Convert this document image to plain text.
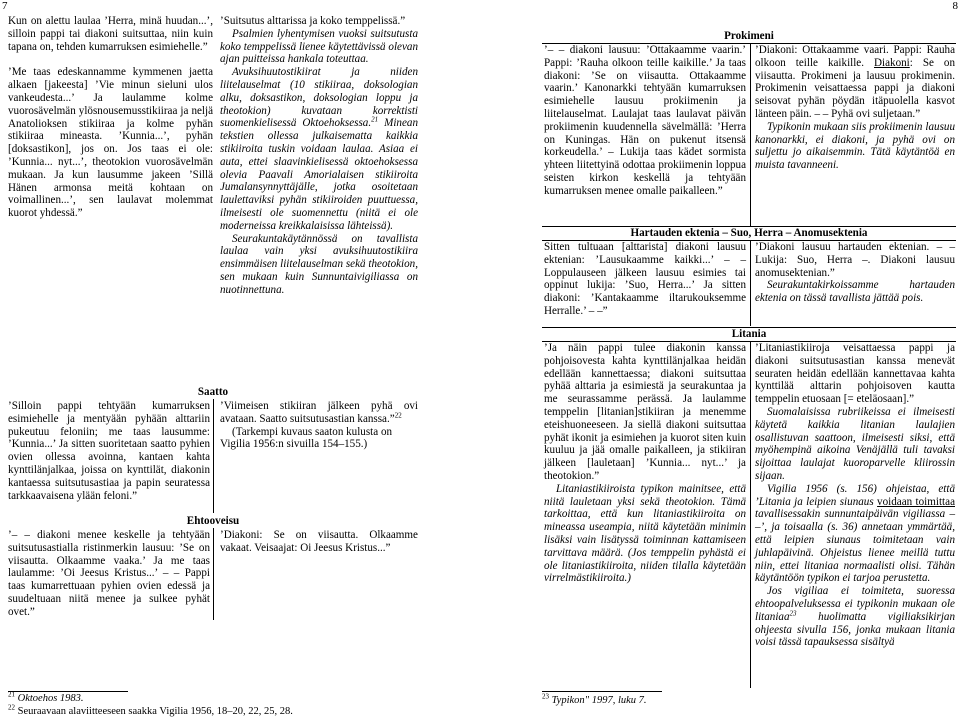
7

Kun on alettu laulaa ’Herra, minä huudan...’, silloin pappi tai diakoni suitsuttaa, niin kuin tapana on, tehden kumarruksen esimiehelle.”

’Me taas edeskannamme kymmenen jaetta alkaen [jakeesta] ’Vie minun sieluni ulos vankeudesta...’ Ja laulamme kolme vuorosävelmän ylösnousemusstikiiraa ja neljä Anatolioksen stikiiraa ja kolme pyhän stikiiraa mineasta. ’Kunnia...’, pyhän [doksastikon], jos on. Jos taas ei ole: ’Kunnia... nyt...’, theotokion vuorosävelmän mukaan. Ja kun lausumme jakeen ’Sillä Hänen armonsa meitä kohtaan on voimallinen...’, sen laulavat molemmat kuorot yhdessä.”

’Suitsutus alttarissa ja koko temppelissä.”

Psalmien lyhentymisen vuoksi suitsutusta koko temppelissä lienee käytettävissä olevan ajan puitteissa hankala toteuttaa.

Avuksihuutostikiirat ja niiden liitelauselmat (10 stikiiraa, doksologian alku, doksastikon, doksologian loppu ja theotokion) kuvataan korrektisti suomenkielisessä Oktoehoksessa.$^{21}$ Minean tekstien ollessa julkaisematta kaikkia stikiiroita tuskin voidaan laulaa. Asiaa ei auta, ettei slaavinkielisessä oktoehoksessa olevia Paavali Amorialaisen stikiiroita Jumalansynnyttäjälle, jotka osoitetaan laulettaviksi pyhän stikiiroiden puuttuessa, ilmeisesti ole suomennettu (niitä ei ole moderneissa kreikkalaisissa lähteissä).

Seurakuntakäytännössä on tavallista laulaa vain yksi avuksihuutostikiira ensimmäisen liitelauselman sekä theotokion, sen mukaan kuin Sunnuntaivigiliassa on nuotinnettuna.

Saatto
’Silloin pappi tehtyään kumarruksen esimiehelle ja mentyään pyhään alttariin pukeutuu feloniin; me taas lausumme: ’Kunnia...’ Ja sitten suoritetaan saatto pyhien ovien ollessa avoinna, kantaen kahta kynttilänjalkaa, joissa on kynttilät, diakonin kantaessa suitsutusastiaa ja papin seuratessa tarkkaavaisena ylään feloni.”

’Viimeisen stikiiran jälkeen pyhä ovi avataan. Saatto suitsutusastian kanssa.”$^{22}$

(Tarkempi kuvaus saaton kulusta on Vigilia 1956:n sivuilla 154–155.)

Ehtooveisu
’– – diakoni menee keskelle ja tehtyään suitsutusastialla ristinmerkin lausuu: ’Se on viisautta. Olkaamme vaaka.’ Ja me taas laulamme: ’Oi Jeesus Kristus...’ – – Pappi taas kumarrettuaan pyhien ovien edessä ja suudeltuaan niitä menee ja sulkee pyhät ovet.”
’Diakoni: Se on viisautta. Olkaamme vakaat. Veisaajat: Oi Jeesus Kristus...”
$^{21}$ Oktoehos 1983.
$^{22}$ Seuraavaan alaviitteeseen saakka Vigilia 1956, 18–20, 22, 25, 28.
8
Prokimeni
’– – diakoni lausuu: ’Ottakaamme vaarin.’ Pappi: ’Rauha olkoon teille kaikille.’ Ja taas diakoni: ’Se on viisautta. Ottakaamme vaarin.’ Kanonarkki tehtyään kumarruksen esimiehelle lausuu prokiimenin ja liitelauselmat. Laulajat taas laulavat päivän prokiimenin kuudennella sävelmällä: ’Herra on Kuningas. Hän on pukenut itsensä korkeudella.’ – Lukija taas kädet sormista yhteen liitettyinä odottaa prokiimenin loppua seisten kirkon keskellä ja tehtyään kumarruksen menee omalle paikalleen.”

’Diakoni: Ottakaamme vaari. Pappi: Rauha olkoon teille kaikille. Diakoni: Se on viisautta. Prokimeni ja lausuu prokimenin. Prokimenin veisattaessa pappi ja diakoni seisovat pyhän pöydän itäpuolella kasvot länteen päin. – – Pyhä ovi suljetaan.”

Typikonin mukaan siis prokiimenin lausuu kanonarkki, ei diakoni, ja pyhä ovi on suljettu jo aikaisemmin. Tätä käytäntöä en muista tavanneeni.

Hartauden ektenia – Suo, Herra – Anomusektenia
Sitten tultuaan [alttarista] diakoni lausuu ektenian: ’Lausukaamme kaikki...’ – – Loppulauseen jälkeen lausuu esimies tai oppinut lukija: ’Suo, Herra...’ Ja sitten diakoni: ’Kantakaamme iltarukouksemme Herralle.’ – –”

’Diakoni lausuu hartauden ektenian. – – Lukija: Suo, Herra –. Diakoni lausuu anomusektenian.”

Seurakuntakirkoissamme hartauden ektenia on tässä tavallista jättää pois.

Litania

’Ja näin pappi tulee diakonin kanssa pohjoisovesta kahta kynttilänjalkaa heidän edellään kannettaessa; diakoni suitsuttaa pyhää alttaria ja esimiestä ja seurakuntaa ja me seurassamme perässä. Ja laulamme temppelin [litanian]stikiiran ja menemme eteishuoneeseen. Ja siellä diakoni suitsuttaa pyhät ikonit ja esimiehen ja kuorot siten kuin kuuluu ja jää omalle paikalleen, ja stikiiran jälkeen [lauletaan] ’Kunnia... nyt...’ ja theotokion.”

Litaniastikiiroista typikon mainitsee, että niitä lauletaan yksi sekä theotokion. Tämä tarkoittaa, että kun litaniastikiiroita on mineassa useampia, niitä käytetään minimin lisäksi vain lisätyssä toiminnan kattamiseen tarvittava määrä. (Jos temppelin pyhästä ei ole litaniastikiiroita, niiden tilalla käytetään virrelmästikiiroita.)

’Litaniastikiiroja veisattaessa pappi ja diakoni suitsutusastian kanssa menevät seuraten heidän edellään kannettavaa kahta kynttilää alttarin pohjoisoven kautta temppelin etuosaan [= eteläosaan].”

Suomalaisissa rubriikeissa ei ilmeisesti käytetä kaikkia litanian laulajien osallistuvan saattoon, ilmeisesti siksi, että myöhempinä aikoina Venäjällä tuli tavaksi sijoittaa laulajat kuoroparvelle kliirossin sijaan.

Vigilia 1956 (s. 156) ohjeistaa, että ’Litania ja leipien siunaus voidaan toimittaa tavallisessakin sunnuntaipäivän vigiliassa – –’, ja toisaalla (s. 36) annetaan ymmärtää, että leipien siunaus toimitetaan vain juhlapäivinä. Ohjeistus lienee meillä tuttu niin, ettei litaniaa normaalisti olisi. Tähän käytäntöön typikon ei tarjoa perustetta.

Jos vigiliaa ei toimiteta, suoressa ehtoopalveluksessa ei typikonin mukaan ole litaniaa$^{23}$ huolimatta vigiliaksikirjan ohjeesta sivulla 156, jonka mukaan litania voisi tässä tapauksessa sisältyä

$^{23}$ Typikon" 1997, luku 7.
